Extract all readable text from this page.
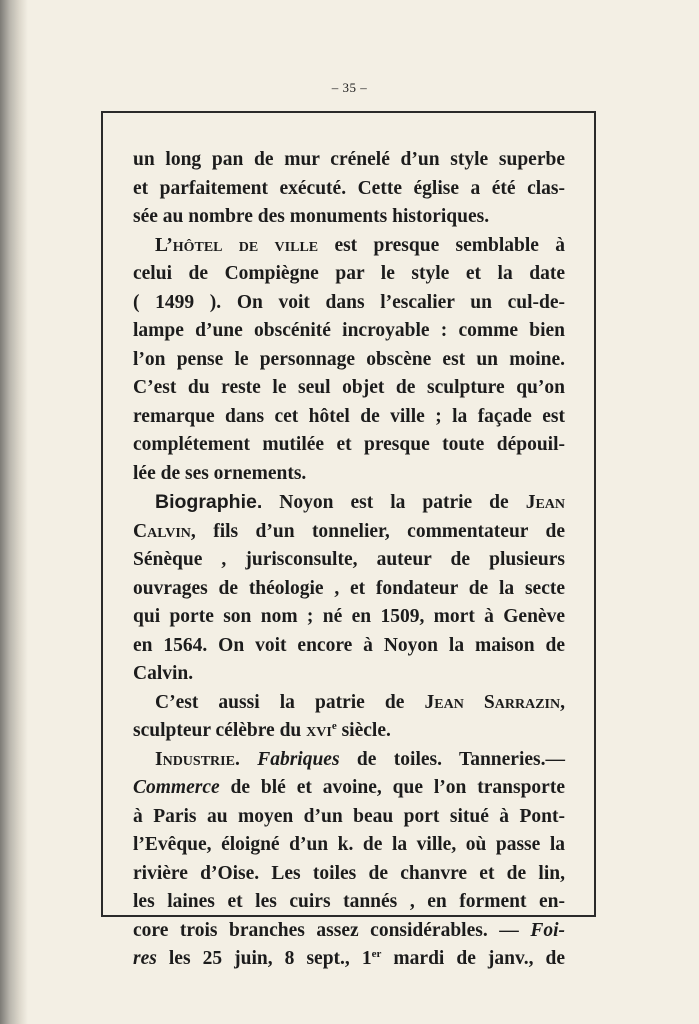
– 35 –
un long pan de mur crénelé d’un style superbe
et parfaitement exécuté. Cette église a été clas-
sée au nombre des monuments historiques.
L’hôtel de ville est presque semblable à
celui de Compiègne par le style et la date
( 1499 ). On voit dans l’escalier un cul-de-
lampe d’une obscénité incroyable : comme bien
l’on pense le personnage obscène est un moine.
C’est du reste le seul objet de sculpture qu’on
remarque dans cet hôtel de ville ; la façade est
complétement mutilée et presque toute dépouil-
lée de ses ornements.
Biographie. Noyon est la patrie de Jean
Calvin, fils d’un tonnelier, commentateur de
Sénèque , jurisconsulte, auteur de plusieurs
ouvrages de théologie , et fondateur de la secte
qui porte son nom ; né en 1509, mort à Genève
en 1564. On voit encore à Noyon la maison de
Calvin.
C’est aussi la patrie de Jean Sarrazin,
sculpteur célèbre du xvi$^e$ siècle.
Industrie. Fabriques de toiles. Tanneries.—
Commerce de blé et avoine, que l’on transporte
à Paris au moyen d’un beau port situé à Pont-
l’Evêque, éloigné d’un k. de la ville, où passe la
rivière d’Oise. Les toiles de chanvre et de lin,
les laines et les cuirs tannés , en forment en-
core trois branches assez considérables. — Foi-
res les 25 juin, 8 sept., 1er mardi de janv., de
